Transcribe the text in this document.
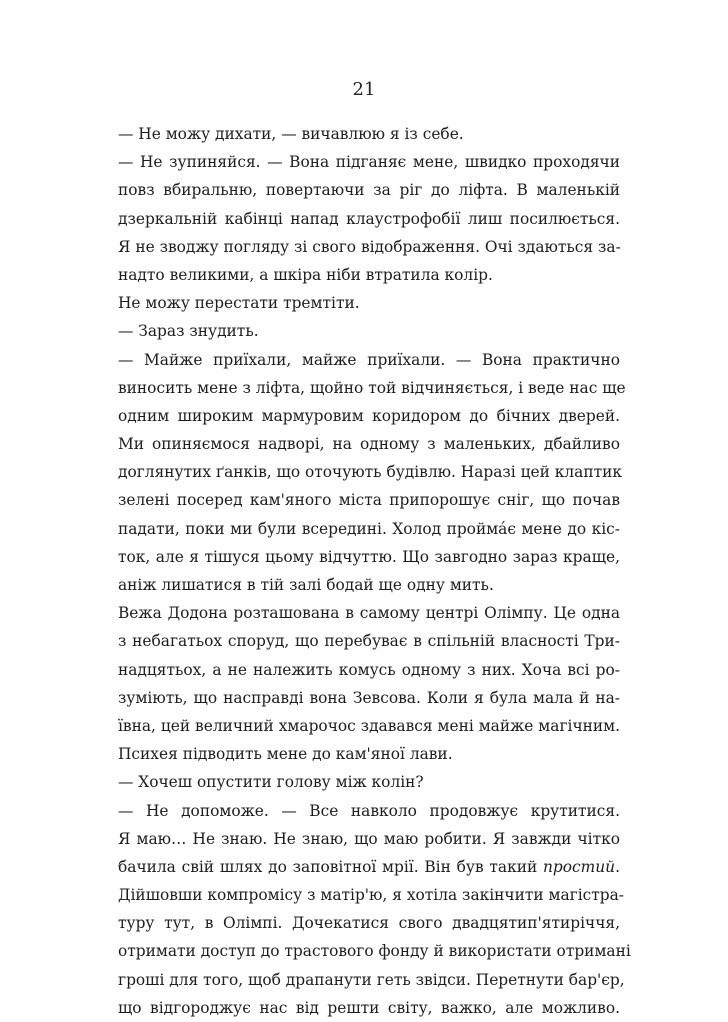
21
— Не можу дихати, — вичавлюю я із себе.
— Не зупиняйся. — Вона підганяє мене, швидко проходячи
повз вбиральню, повертаючи за ріг до ліфта. В маленькій
дзеркальній кабінці напад клаустрофобії лиш посилюється.
Я не зводжу погляду зі свого відображення. Очі здаються за-
надто великими, а шкіра ніби втратила колір.
Не можу перестати тремтіти.
— Зараз знудить.
— Майже приїхали, майже приїхали. — Вона практично
виносить мене з ліфта, щойно той відчиняється, і веде нас ще
одним широким мармуровим коридором до бічних дверей.
Ми опиняємося надворі, на одному з маленьких, дбайливо
доглянутих ґанків, що оточують будівлю. Наразі цей клаптик
зелені посеред кам'яного міста припорошує сніг, що почав
падати, поки ми були всередині. Холод пройма́є мене до кіс-
ток, але я тішуся цьому відчуттю. Що завгодно зараз краще,
аніж лишатися в тій залі бодай ще одну мить.
Вежа Додона розташована в самому центрі Олімпу. Це одна
з небагатьох споруд, що перебуває в спільній власності Три-
надцятьох, а не належить комусь одному з них. Хоча всі ро-
зуміють, що насправді вона Зевсова. Коли я була мала й на-
ївна, цей величний хмарочос здавався мені майже магічним.
Психея підводить мене до кам'яної лави.
— Хочеш опустити голову між колін?
— Не допоможе. — Все навколо продовжує крутитися.
Я маю… Не знаю. Не знаю, що маю робити. Я завжди чітко
бачила свій шлях до заповітної мрії. Він був такий простий.
Дійшовши компромісу з матір'ю, я хотіла закінчити магістра-
туру тут, в Олімпі. Дочекатися свого двадцятип'ятиріччя,
отримати доступ до трастового фонду й використати отримані
гроші для того, щоб драпанути геть звідси. Перетнути бар'єр,
що відгороджує нас від решти світу, важко, але можливо.
